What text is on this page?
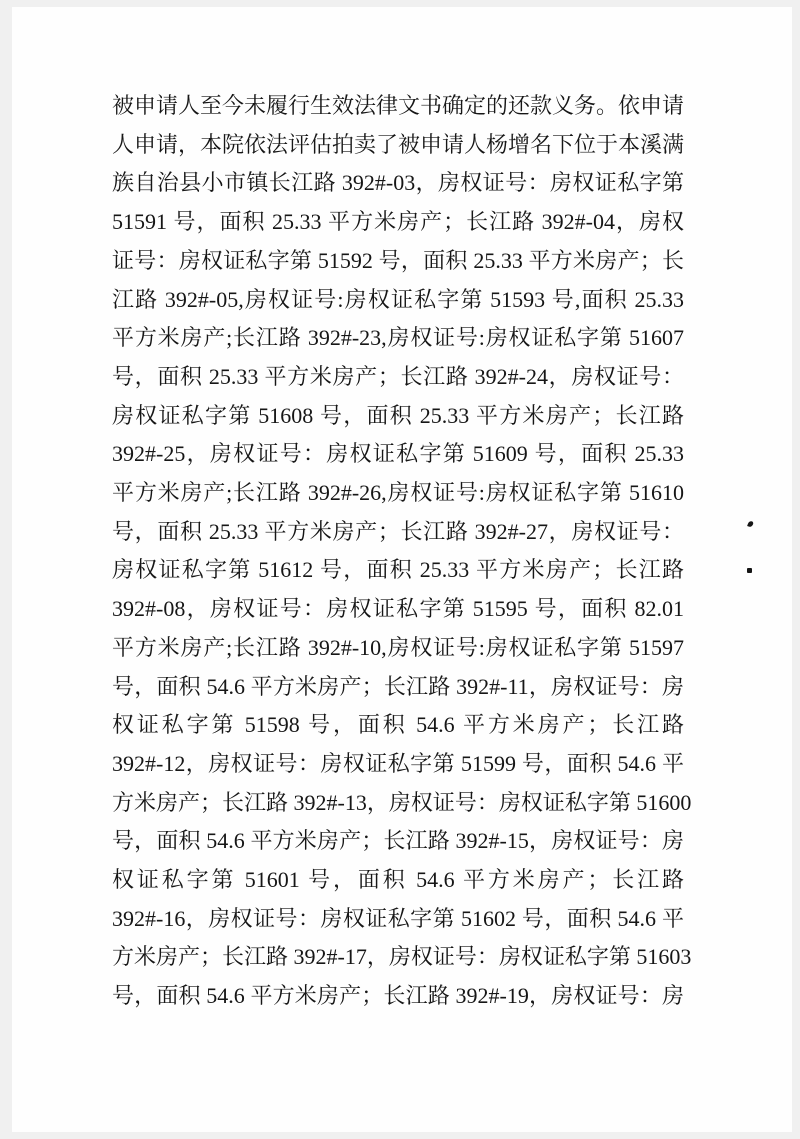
被申请人至今未履行生效法律文书确定的还款义务。依申请
人申请，本院依法评估拍卖了被申请人杨增名下位于本溪满
族自治县小市镇长江路 392#-03，房权证号：房权证私字第
51591 号，面积 25.33 平方米房产；长江路 392#-04，房权
证号：房权证私字第 51592 号，面积 25.33 平方米房产；长
江路 392#-05,房权证号:房权证私字第 51593 号,面积 25.33
平方米房产;长江路 392#-23,房权证号:房权证私字第 51607
号，面积 25.33 平方米房产；长江路 392#-24，房权证号：
房权证私字第 51608 号，面积 25.33 平方米房产；长江路
392#-25，房权证号：房权证私字第 51609 号，面积 25.33
平方米房产;长江路 392#-26,房权证号:房权证私字第 51610
号，面积 25.33 平方米房产；长江路 392#-27，房权证号：
房权证私字第 51612 号，面积 25.33 平方米房产；长江路
392#-08，房权证号：房权证私字第 51595 号，面积 82.01
平方米房产;长江路 392#-10,房权证号:房权证私字第 51597
号，面积 54.6 平方米房产；长江路 392#-11，房权证号：房
权证私字第 51598 号，面积 54.6 平方米房产；长江路
392#-12，房权证号：房权证私字第 51599 号，面积 54.6 平
方米房产；长江路 392#-13，房权证号：房权证私字第 51600
号，面积 54.6 平方米房产；长江路 392#-15，房权证号：房
权证私字第 51601 号，面积 54.6 平方米房产；长江路
392#-16，房权证号：房权证私字第 51602 号，面积 54.6 平
方米房产；长江路 392#-17，房权证号：房权证私字第 51603
号，面积 54.6 平方米房产；长江路 392#-19，房权证号：房
